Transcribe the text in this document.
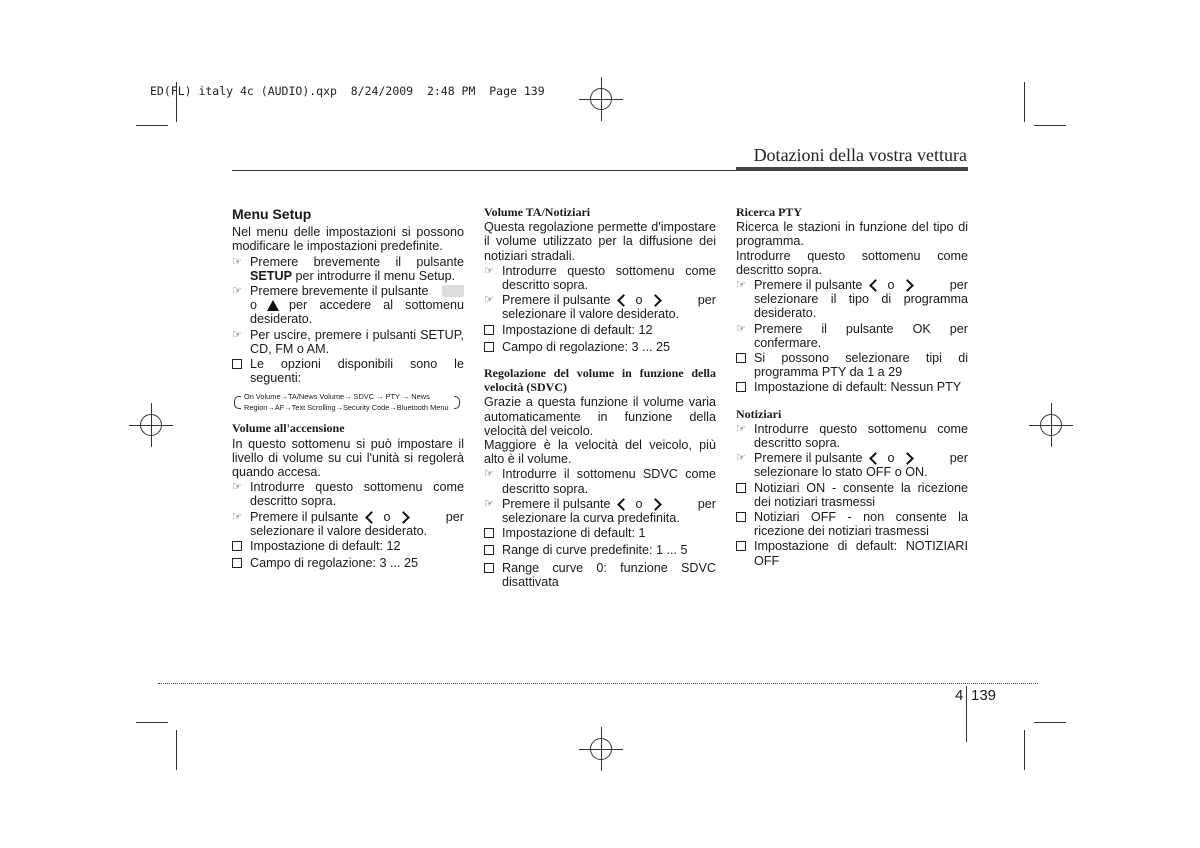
ED(FL) italy 4c (AUDIO).qxp  8/24/2009  2:48 PM  Page 139
Dotazioni della vostra vettura

Menu Setup

Nel menu delle impostazioni si possono modificare le impostazioni predefinite.

☞ Premere brevemente il pulsante SETUP per introdurre il menu Setup.
☞ Premere brevemente il pulsante
o	per accedere al sottomenu desiderato.
☞ Per uscire, premere i pulsanti SETUP, CD, FM o AM.
Le opzioni disponibili sono le seguenti:
On Volume→TA/News Volume→ SDVC → PTY → News
Region→AF→Text Scrolling→Security Code→Bluetooth Menu

Volume all'accensione

In questo sottomenu si può impostare il livello di volume su cui l'unità si regolerà quando accesa.

☞ Introdurre questo sottomenu come descritto sopra.
☞ Premere il pulsante o	per

selezionare il valore desiderato.
Impostazione di default: 12
Campo di regolazione: 3 ... 25

Volume TA/Notiziari

Questa regolazione permette d'impostare il volume utilizzato per la diffusione dei notiziari stradali.

☞ Introdurre questo sottomenu come descritto sopra.
☞ Premere il pulsante o	per

selezionare il valore desiderato.
Impostazione di default: 12
Campo di regolazione: 3 ... 25

Regolazione del volume in funzione della velocità (SDVC)

Grazie a questa funzione il volume varia automaticamente in funzione della velocità del veicolo.

Maggiore è la velocità del veicolo, più alto è il volume.

☞ Introdurre il sottomenu SDVC come descritto sopra.
☞ Premere il pulsante o	per

selezionare la curva predefinita.
Impostazione di default: 1
Range di curve predefinite: 1 ... 5
Range curve 0: funzione SDVC disattivata

Ricerca PTY

Ricerca le stazioni in funzione del tipo di programma.

Introdurre questo sottomenu come descritto sopra.

☞ Premere il pulsante o	per

selezionare il tipo di programma desiderato.
☞ Premere il pulsante OK per confermare.
Si possono selezionare tipi di programma PTY da 1 a 29
Impostazione di default: Nessun PTY

Notiziari

☞ Introdurre questo sottomenu come descritto sopra.
☞ Premere il pulsante o	per

selezionare lo stato OFF o ON.
Notiziari ON - consente la ricezione dei notiziari trasmessi
Notiziari OFF - non consente la ricezione dei notiziari trasmessi
Impostazione di default: NOTIZIARI OFF
4 139
